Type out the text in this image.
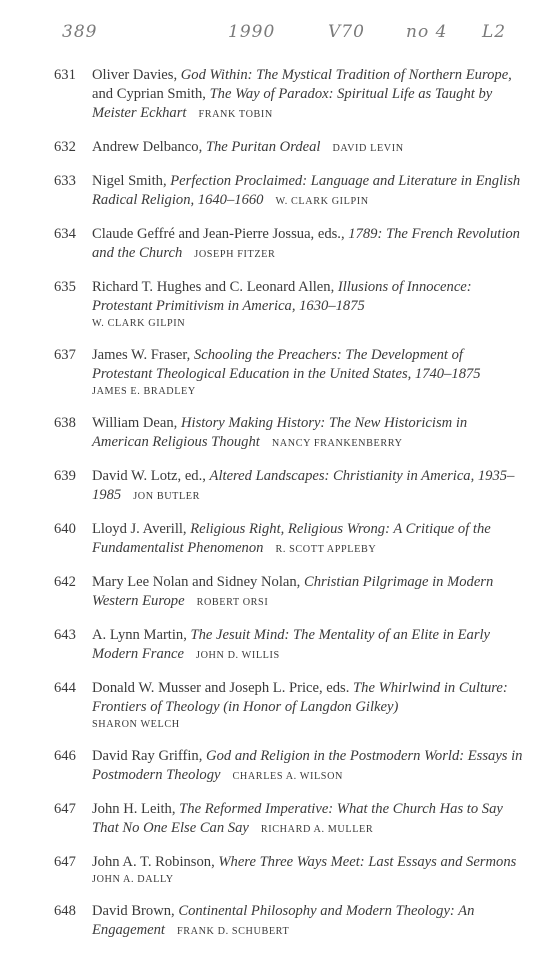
389	1990	V70 no 4 L2
631	Oliver Davies, God Within: The Mystical Tradition of Northern Europe, and Cyprian Smith, The Way of Paradox: Spiritual Life as Taught by Meister Eckhart FRANK TOBIN
632	Andrew Delbanco, The Puritan Ordeal DAVID LEVIN
633	Nigel Smith, Perfection Proclaimed: Language and Literature in English Radical Religion, 1640–1660 W. CLARK GILPIN
634	Claude Geffré and Jean-Pierre Jossua, eds., 1789: The French Revolution and the Church JOSEPH FITZER
635	Richard T. Hughes and C. Leonard Allen, Illusions of Innocence: Protestant Primitivism in America, 1630–1875
W. CLARK GILPIN
637	James W. Fraser, Schooling the Preachers: The Development of Protestant Theological Education in the United States, 1740–1875
JAMES E. BRADLEY
638	William Dean, History Making History: The New Historicism in American Religious Thought NANCY FRANKENBERRY
639	David W. Lotz, ed., Altered Landscapes: Christianity in America, 1935–1985 JON BUTLER
640	Lloyd J. Averill, Religious Right, Religious Wrong: A Critique of the Fundamentalist Phenomenon R. SCOTT APPLEBY
642	Mary Lee Nolan and Sidney Nolan, Christian Pilgrimage in Modern Western Europe ROBERT ORSI
643	A. Lynn Martin, The Jesuit Mind: The Mentality of an Elite in Early Modern France JOHN D. WILLIS
644	Donald W. Musser and Joseph L. Price, eds. The Whirlwind in Culture: Frontiers of Theology (in Honor of Langdon Gilkey)
SHARON WELCH
646	David Ray Griffin, God and Religion in the Postmodern World: Essays in Postmodern Theology CHARLES A. WILSON
647	John H. Leith, The Reformed Imperative: What the Church Has to Say That No One Else Can Say RICHARD A. MULLER
647	John A. T. Robinson, Where Three Ways Meet: Last Essays and Sermons
JOHN A. DALLY
648	David Brown, Continental Philosophy and Modern Theology: An Engagement FRANK D. SCHUBERT
